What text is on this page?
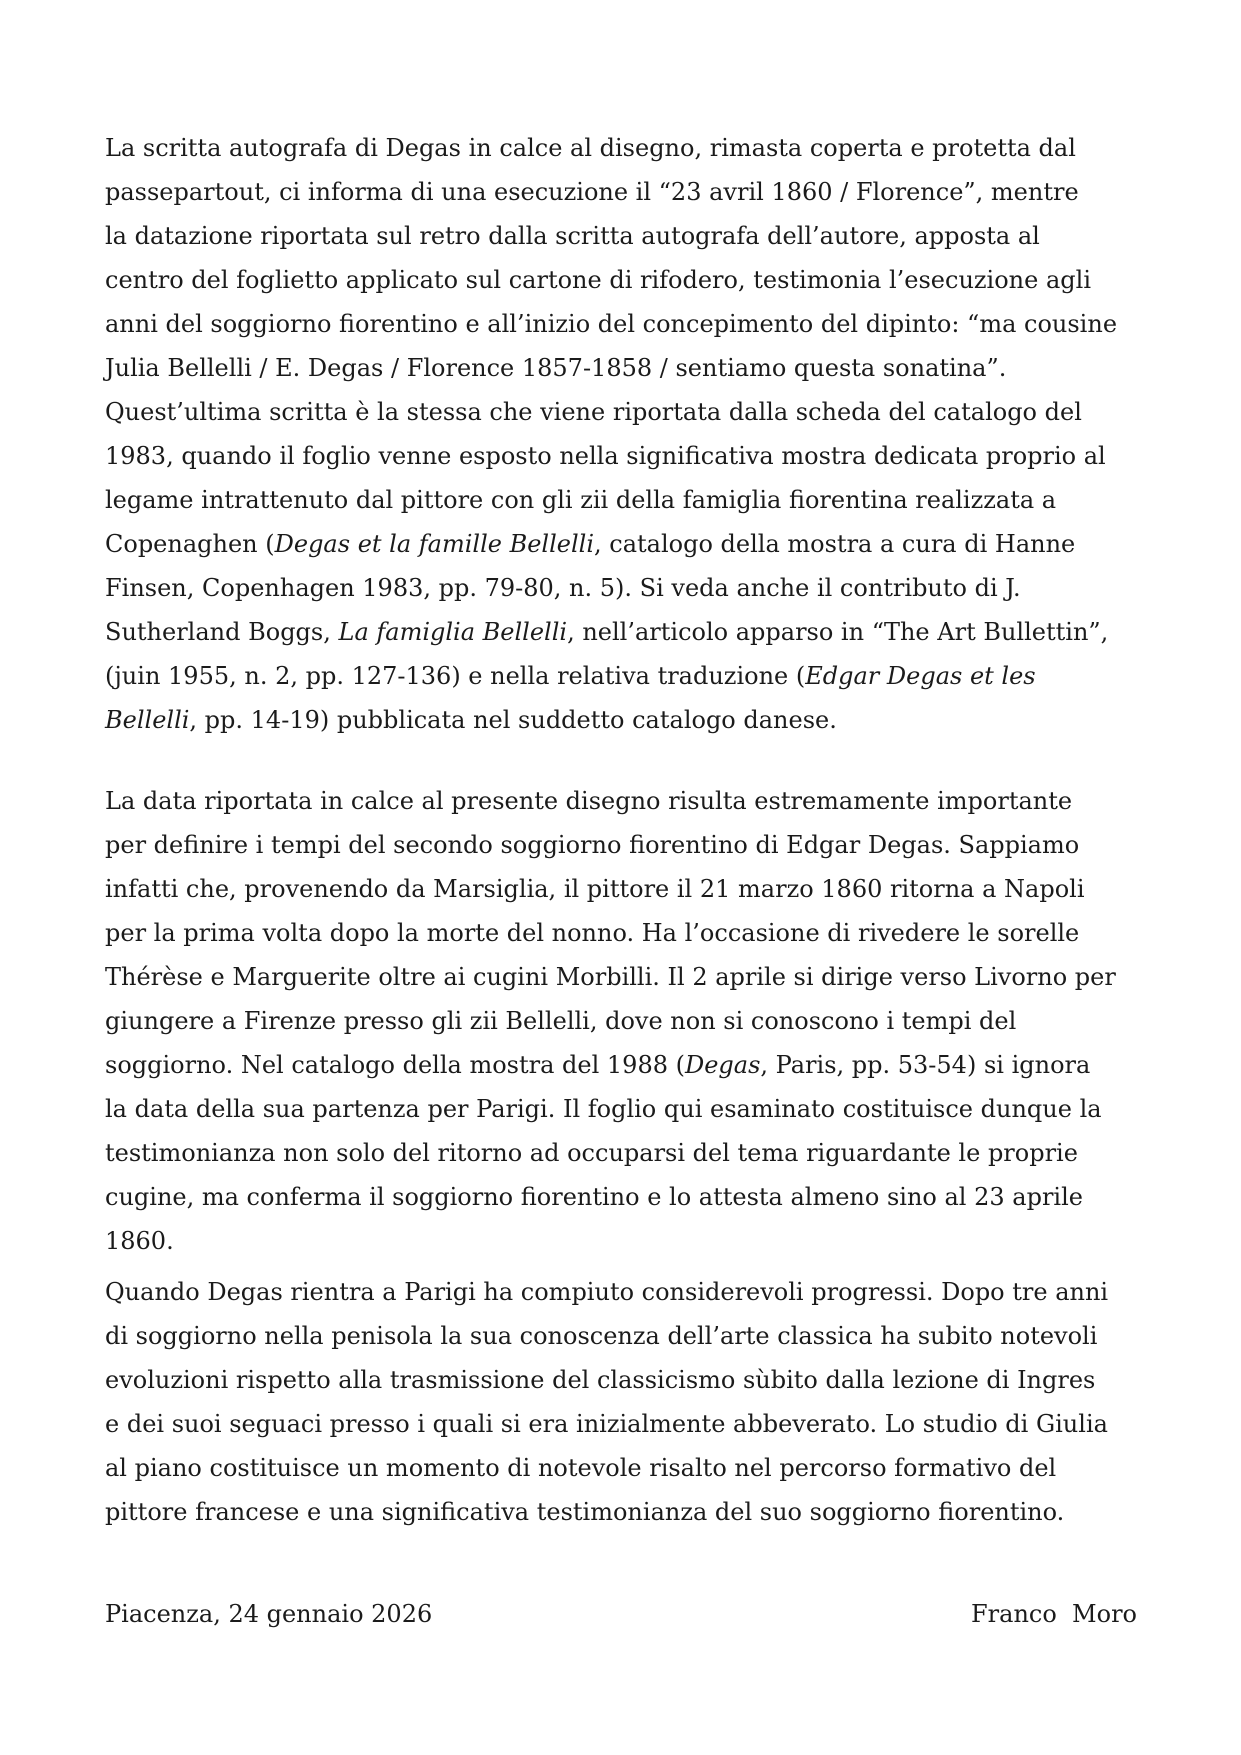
La scritta autografa di Degas in calce al disegno, rimasta coperta e protetta dal
passepartout, ci informa di una esecuzione il “23 avril 1860 / Florence”, mentre
la datazione riportata sul retro dalla scritta autografa dell’autore, apposta al
centro del foglietto applicato sul cartone di rifodero, testimonia l’esecuzione agli
anni del soggiorno fiorentino e all’inizio del concepimento del dipinto: “ma cousine
Julia Bellelli / E. Degas / Florence 1857-1858 / sentiamo questa sonatina”.
Quest’ultima scritta è la stessa che viene riportata dalla scheda del catalogo del
1983, quando il foglio venne esposto nella significativa mostra dedicata proprio al
legame intrattenuto dal pittore con gli zii della famiglia fiorentina realizzata a
Copenaghen (Degas et la famille Bellelli, catalogo della mostra a cura di Hanne
Finsen, Copenhagen 1983, pp. 79-80, n. 5). Si veda anche il contributo di J.
Sutherland Boggs, La famiglia Bellelli, nell’articolo apparso in “The Art Bullettin”,
(juin 1955, n. 2, pp. 127-136) e nella relativa traduzione (Edgar Degas et les
Bellelli, pp. 14-19) pubblicata nel suddetto catalogo danese.
La data riportata in calce al presente disegno risulta estremamente importante
per definire i tempi del secondo soggiorno fiorentino di Edgar Degas. Sappiamo
infatti che, provenendo da Marsiglia, il pittore il 21 marzo 1860 ritorna a Napoli
per la prima volta dopo la morte del nonno. Ha l’occasione di rivedere le sorelle
Thérèse e Marguerite oltre ai cugini Morbilli. Il 2 aprile si dirige verso Livorno per
giungere a Firenze presso gli zii Bellelli, dove non si conoscono i tempi del
soggiorno. Nel catalogo della mostra del 1988 (Degas, Paris, pp. 53-54) si ignora
la data della sua partenza per Parigi. Il foglio qui esaminato costituisce dunque la
testimonianza non solo del ritorno ad occuparsi del tema riguardante le proprie
cugine, ma conferma il soggiorno fiorentino e lo attesta almeno sino al 23 aprile
1860.
Quando Degas rientra a Parigi ha compiuto considerevoli progressi. Dopo tre anni
di soggiorno nella penisola la sua conoscenza dell’arte classica ha subito notevoli
evoluzioni rispetto alla trasmissione del classicismo sùbito dalla lezione di Ingres
e dei suoi seguaci presso i quali si era inizialmente abbeverato. Lo studio di Giulia
al piano costituisce un momento di notevole risalto nel percorso formativo del
pittore francese e una significativa testimonianza del suo soggiorno fiorentino.
Piacenza, 24 gennaio 2026	Franco  Moro
